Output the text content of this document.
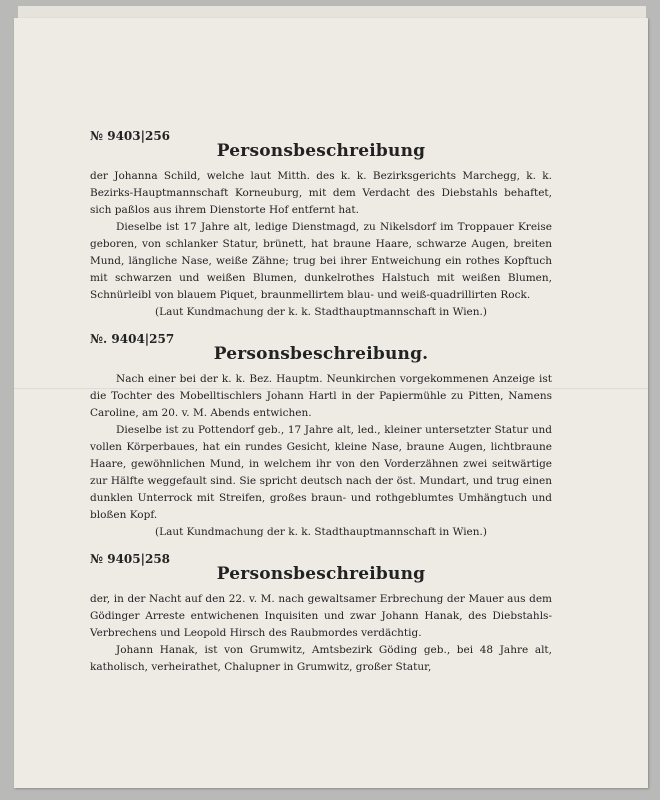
№ 9403|256
Personsbeschreibung

der Johanna Schild, welche laut Mitth. des k. k. Bezirksgerichts Marchegg, k. k. Bezirks-Hauptmannschaft Korneuburg, mit dem Verdacht des Diebstahls behaftet, sich paßlos aus ihrem Dienstorte Hof entfernt hat.

Dieselbe ist 17 Jahre alt, ledige Dienstmagd, zu Nikelsdorf im Troppauer Kreise geboren, von schlanker Statur, brünett, hat braune Haare, schwarze Augen, breiten Mund, längliche Nase, weiße Zähne; trug bei ihrer Entweichung ein rothes Kopftuch mit schwarzen und weißen Blumen, dunkelrothes Halstuch mit weißen Blumen, Schnürleibl von blauem Piquet, braunmellirtem blau- und weiß-quadrillirten Rock.

(Laut Kundmachung der k. k. Stadthauptmannschaft in Wien.)

№. 9404|257
Personsbeschreibung.

Nach einer bei der k. k. Bez. Hauptm. Neunkirchen vorgekommenen Anzeige ist die Tochter des Mobelltischlers Johann Hartl in der Papiermühle zu Pitten, Namens Caroline, am 20. v. M. Abends entwichen.

Dieselbe ist zu Pottendorf geb., 17 Jahre alt, led., kleiner untersetzter Statur und vollen Körperbaues, hat ein rundes Gesicht, kleine Nase, braune Augen, lichtbraune Haare, gewöhnlichen Mund, in welchem ihr von den Vorderzähnen zwei seitwärtige zur Hälfte weggefault sind. Sie spricht deutsch nach der öst. Mundart, und trug einen dunklen Unterrock mit Streifen, großes braun- und rothgeblumtes Umhängtuch und bloßen Kopf.

(Laut Kundmachung der k. k. Stadthauptmannschaft in Wien.)

№ 9405|258
Personsbeschreibung

der, in der Nacht auf den 22. v. M. nach gewaltsamer Erbrechung der Mauer aus dem Gödinger Arreste entwichenen Inquisiten und zwar Johann Hanak, des Diebstahls-Verbrechens und Leopold Hirsch des Raubmordes verdächtig.

Johann Hanak, ist von Grumwitz, Amtsbezirk Göding geb., bei 48 Jahre alt, katholisch, verheirathet, Chalupner in Grumwitz, großer Statur,
